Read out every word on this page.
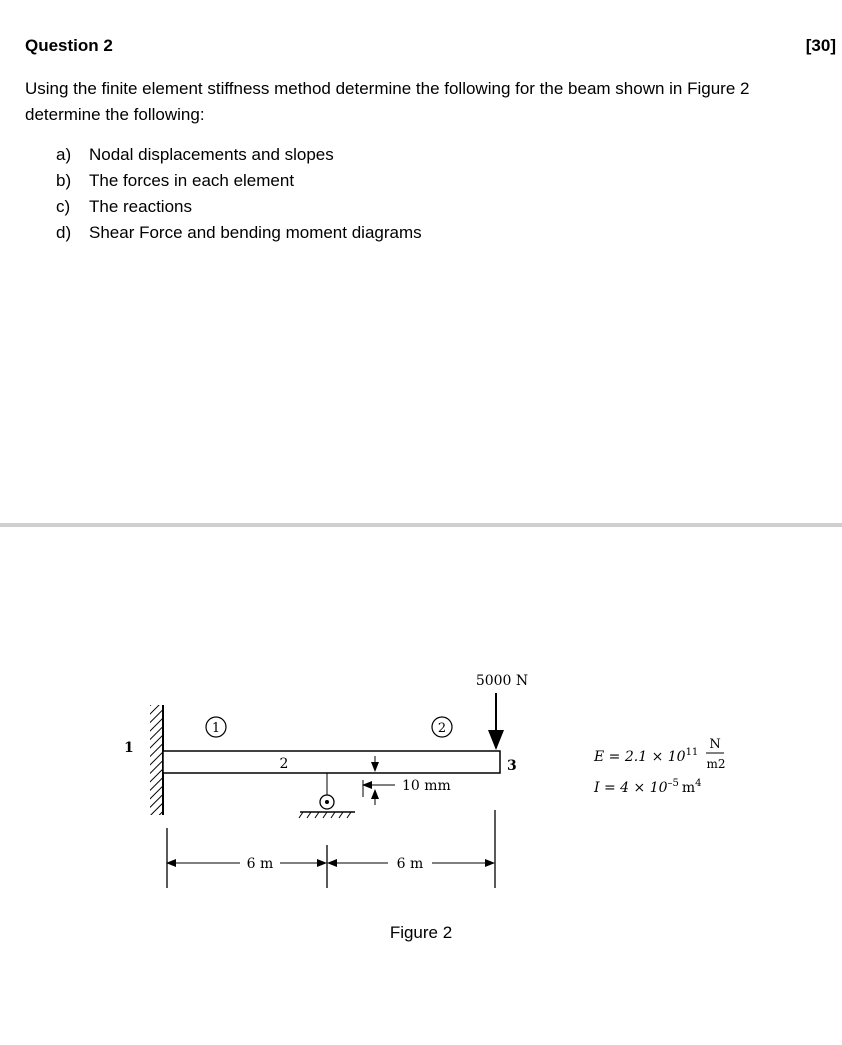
Question 2	[30]
Using the finite element stiffness method determine the following for the beam shown in Figure 2 determine the following:
a)	Nodal displacements and slopes
b)	The forces in each element
c)	The reactions
d)	Shear Force and bending moment diagrams
1
1	2
2
10 mm
5000 N
3
6 m	6 m
$E = 2.1 \times 10^{11}$
N
m2
$I = 4 \times 10^{-5}$ $m^4$
Figure 2
